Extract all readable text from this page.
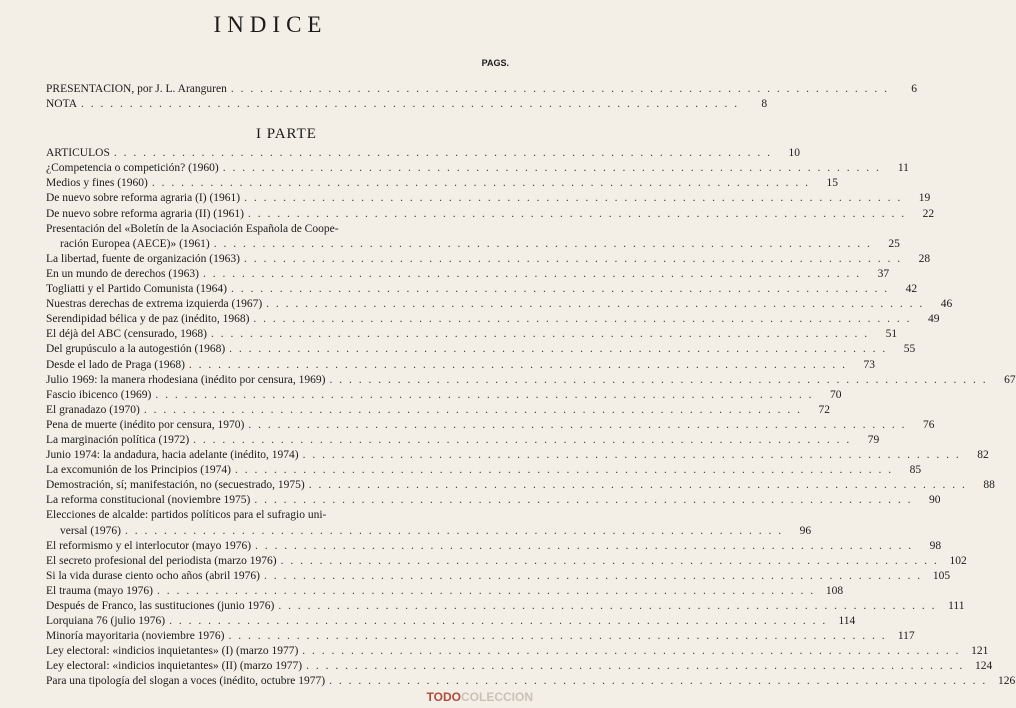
INDICE
PAGS.
PRESENTACION, por J. L. Aranguren . . . . . . . . . . . . . . . . . . . . . . . . . . . . . . . . . . . . . . . . . . . . . . . . . . . . . . . . . . . . . . . . . . . .	6
NOTA . . . . . . . . . . . . . . . . . . . . . . . . . . . . . . . . . . . . . . . . . . . . . . . . . . . . . . . . . . . . . . . . . . . .	8
I PARTE
ARTICULOS . . . . . . . . . . . . . . . . . . . . . . . . . . . . . . . . . . . . . . . . . . . . . . . . . . . . . . . . . . . . . . . . . . . .	10
¿Competencia o competición? (1960) . . . . . . . . . . . . . . . . . . . . . . . . . . . . . . . . . . . . . . . . . . . . . . . . . . . . . . . . . . . . . . . . . . . .	11
Medios y fines (1960) . . . . . . . . . . . . . . . . . . . . . . . . . . . . . . . . . . . . . . . . . . . . . . . . . . . . . . . . . . . . . . . . . . . .	15
De nuevo sobre reforma agraria (I) (1961) . . . . . . . . . . . . . . . . . . . . . . . . . . . . . . . . . . . . . . . . . . . . . . . . . . . . . . . . . . . . . . . . . . . .	19
De nuevo sobre reforma agraria (II) (1961) . . . . . . . . . . . . . . . . . . . . . . . . . . . . . . . . . . . . . . . . . . . . . . . . . . . . . . . . . . . . . . . . . . . .	22
Presentación del «Boletín de la Asociación Española de Coope-
ración Europea (AECE)» (1961) . . . . . . . . . . . . . . . . . . . . . . . . . . . . . . . . . . . . . . . . . . . . . . . . . . . . . . . . . . . . . . . . . . . .	25
La libertad, fuente de organización (1963) . . . . . . . . . . . . . . . . . . . . . . . . . . . . . . . . . . . . . . . . . . . . . . . . . . . . . . . . . . . . . . . . . . . .	28
En un mundo de derechos (1963) . . . . . . . . . . . . . . . . . . . . . . . . . . . . . . . . . . . . . . . . . . . . . . . . . . . . . . . . . . . . . . . . . . . .	37
Togliatti y el Partido Comunista (1964) . . . . . . . . . . . . . . . . . . . . . . . . . . . . . . . . . . . . . . . . . . . . . . . . . . . . . . . . . . . . . . . . . . . .	42
Nuestras derechas de extrema izquierda (1967) . . . . . . . . . . . . . . . . . . . . . . . . . . . . . . . . . . . . . . . . . . . . . . . . . . . . . . . . . . . . . . . . . . . .	46
Serendipidad bélica y de paz (inédito, 1968) . . . . . . . . . . . . . . . . . . . . . . . . . . . . . . . . . . . . . . . . . . . . . . . . . . . . . . . . . . . . . . . . . . . .	49
El déjà del ABC (censurado, 1968) . . . . . . . . . . . . . . . . . . . . . . . . . . . . . . . . . . . . . . . . . . . . . . . . . . . . . . . . . . . . . . . . . . . .	51
Del grupúsculo a la autogestión (1968) . . . . . . . . . . . . . . . . . . . . . . . . . . . . . . . . . . . . . . . . . . . . . . . . . . . . . . . . . . . . . . . . . . . .	55
Desde el lado de Praga (1968) . . . . . . . . . . . . . . . . . . . . . . . . . . . . . . . . . . . . . . . . . . . . . . . . . . . . . . . . . . . . . . . . . . . .	73
Julio 1969: la manera rhodesiana (inédito por censura, 1969) . . . . . . . . . . . . . . . . . . . . . . . . . . . . . . . . . . . . . . . . . . . . . . . . . . . . . . . . . . . . . . . . . . . .	67
Fascio ibicenco (1969) . . . . . . . . . . . . . . . . . . . . . . . . . . . . . . . . . . . . . . . . . . . . . . . . . . . . . . . . . . . . . . . . . . . .	70
El granadazo (1970) . . . . . . . . . . . . . . . . . . . . . . . . . . . . . . . . . . . . . . . . . . . . . . . . . . . . . . . . . . . . . . . . . . . .	72
Pena de muerte (inédito por censura, 1970) . . . . . . . . . . . . . . . . . . . . . . . . . . . . . . . . . . . . . . . . . . . . . . . . . . . . . . . . . . . . . . . . . . . .	76
La marginación política (1972) . . . . . . . . . . . . . . . . . . . . . . . . . . . . . . . . . . . . . . . . . . . . . . . . . . . . . . . . . . . . . . . . . . . .	79
Junio 1974: la andadura, hacia adelante (inédito, 1974) . . . . . . . . . . . . . . . . . . . . . . . . . . . . . . . . . . . . . . . . . . . . . . . . . . . . . . . . . . . . . . . . . . . .	82
La excomunión de los Principios (1974) . . . . . . . . . . . . . . . . . . . . . . . . . . . . . . . . . . . . . . . . . . . . . . . . . . . . . . . . . . . . . . . . . . . .	85
Demostración, sí; manifestación, no (secuestrado, 1975) . . . . . . . . . . . . . . . . . . . . . . . . . . . . . . . . . . . . . . . . . . . . . . . . . . . . . . . . . . . . . . . . . . . .	88
La reforma constitucional (noviembre 1975) . . . . . . . . . . . . . . . . . . . . . . . . . . . . . . . . . . . . . . . . . . . . . . . . . . . . . . . . . . . . . . . . . . . .	90
Elecciones de alcalde: partidos políticos para el sufragio uni-
versal (1976) . . . . . . . . . . . . . . . . . . . . . . . . . . . . . . . . . . . . . . . . . . . . . . . . . . . . . . . . . . . . . . . . . . . .	96
El reformismo y el interlocutor (mayo 1976) . . . . . . . . . . . . . . . . . . . . . . . . . . . . . . . . . . . . . . . . . . . . . . . . . . . . . . . . . . . . . . . . . . . .	98
El secreto profesional del periodista (marzo 1976) . . . . . . . . . . . . . . . . . . . . . . . . . . . . . . . . . . . . . . . . . . . . . . . . . . . . . . . . . . . . . . . . . . . . 102
Si la vida durase ciento ocho años (abril 1976) . . . . . . . . . . . . . . . . . . . . . . . . . . . . . . . . . . . . . . . . . . . . . . . . . . . . . . . . . . . . . . . . . . . . 105
El trauma (mayo 1976) . . . . . . . . . . . . . . . . . . . . . . . . . . . . . . . . . . . . . . . . . . . . . . . . . . . . . . . . . . . . . . . . . . . . 108
Después de Franco, las sustituciones (junio 1976) . . . . . . . . . . . . . . . . . . . . . . . . . . . . . . . . . . . . . . . . . . . . . . . . . . . . . . . . . . . . . . . . . . . .	111
Lorquiana 76 (julio 1976) . . . . . . . . . . . . . . . . . . . . . . . . . . . . . . . . . . . . . . . . . . . . . . . . . . . . . . . . . . . . . . . . . . . . 114
Minoría mayoritaria (noviembre 1976) . . . . . . . . . . . . . . . . . . . . . . . . . . . . . . . . . . . . . . . . . . . . . . . . . . . . . . . . . . . . . . . . . . . . 117
Ley electoral: «indicios inquietantes» (I) (marzo 1977) . . . . . . . . . . . . . . . . . . . . . . . . . . . . . . . . . . . . . . . . . . . . . . . . . . . . . . . . . . . . . . . . . . . . 121
Ley electoral: «indicios inquietantes» (II) (marzo 1977) . . . . . . . . . . . . . . . . . . . . . . . . . . . . . . . . . . . . . . . . . . . . . . . . . . . . . . . . . . . . . . . . . . . . 124
Para una tipología del slogan a voces (inédito, octubre 1977) . . . . . . . . . . . . . . . . . . . . . . . . . . . . . . . . . . . . . . . . . . . . . . . . . . . . . . . . . . . . . . . . . . . . 126
TODOCOLECCION
